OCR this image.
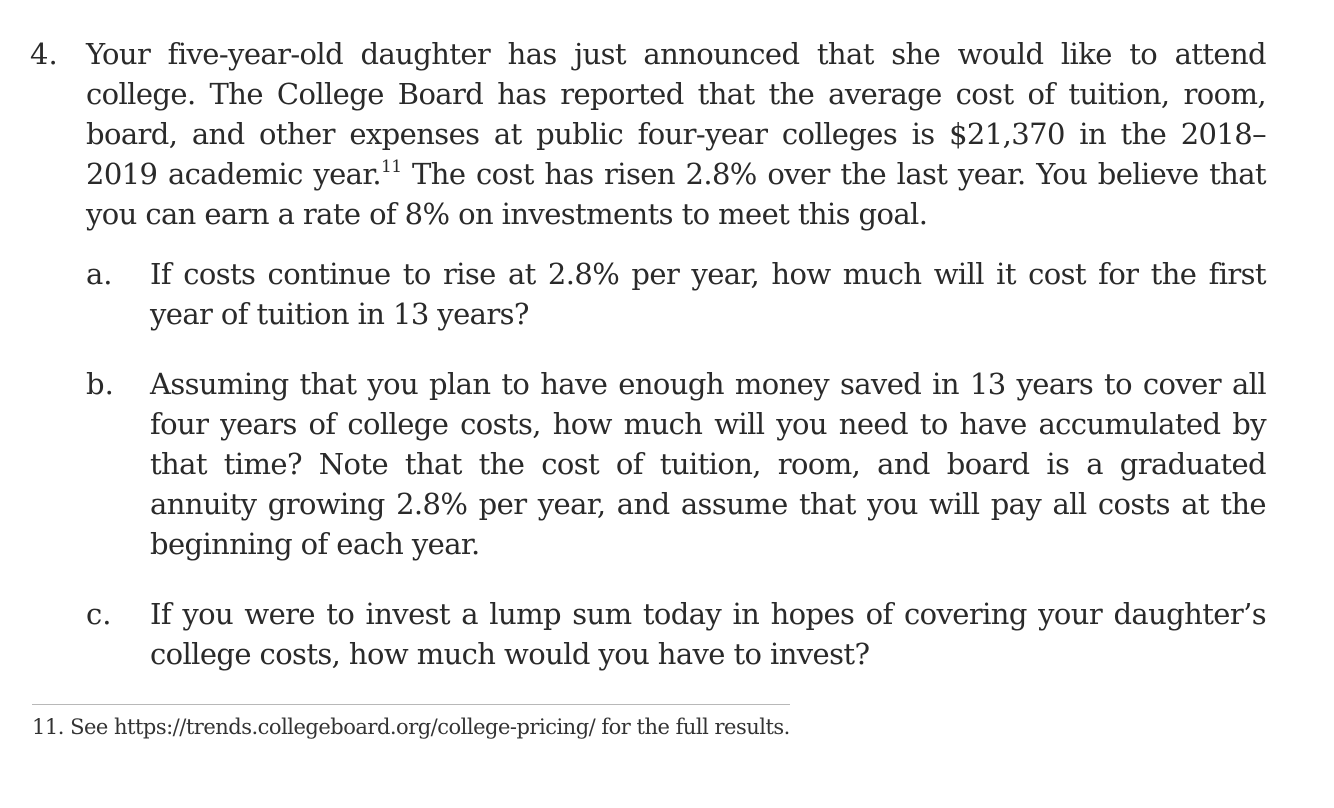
4. Your five-year-old daughter has just announced that she would like to attend college. The College Board has reported that the average cost of tuition, room, board, and other expenses at public four-year colleges is $21,370 in the 2018–2019 academic year.$^{11}$ The cost has risen 2.8% over the last year. You believe that you can earn a rate of 8% on investments to meet this goal.
a. If costs continue to rise at 2.8% per year, how much will it cost for the first year of tuition in 13 years?
b. Assuming that you plan to have enough money saved in 13 years to cover all four years of college costs, how much will you need to have accumulated by that time? Note that the cost of tuition, room, and board is a graduated annuity growing 2.8% per year, and assume that you will pay all costs at the beginning of each year.
c. If you were to invest a lump sum today in hopes of covering your daughter’s college costs, how much would you have to invest?
11. See https://trends.collegeboard.org/college-pricing/ for the full results.
